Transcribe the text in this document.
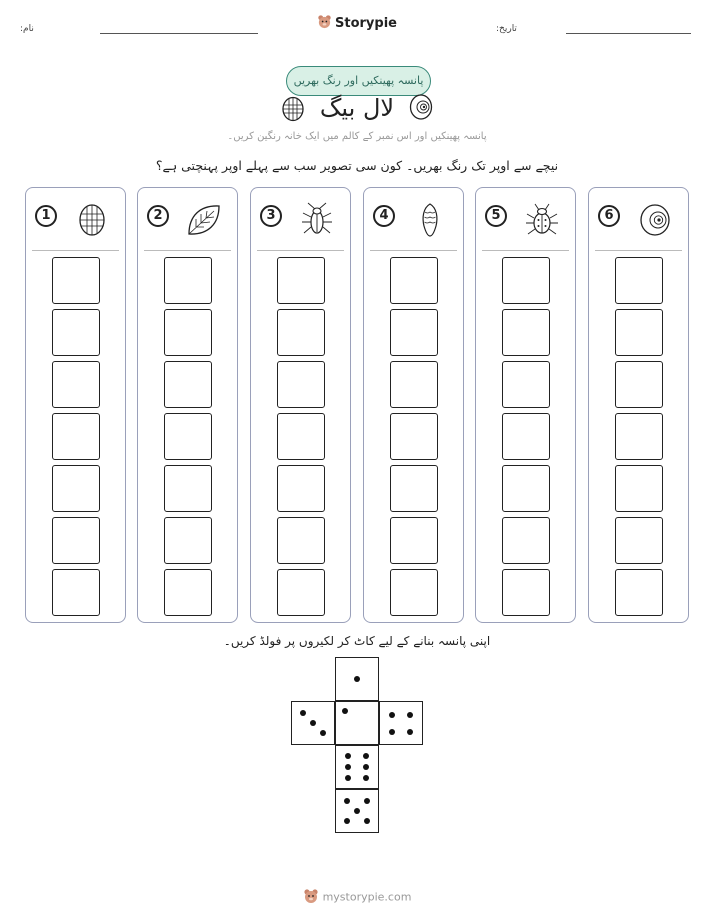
Storypie
نام:	تاریخ:
پانسہ پھینکیں اور رنگ بھریں
لال بیگ
پانسہ پھینکیں اور اس نمبر کے کالم میں ایک خانہ رنگین کریں۔
نیچے سے اوپر تک رنگ بھریں۔ کون سی تصویر سب سے پہلے اوپر پہنچتی ہے؟
1	2	3	4	5	6
اپنی پانسہ بنانے کے لیے کاٹ کر لکیروں پر فولڈ کریں۔
mystorypie.com
